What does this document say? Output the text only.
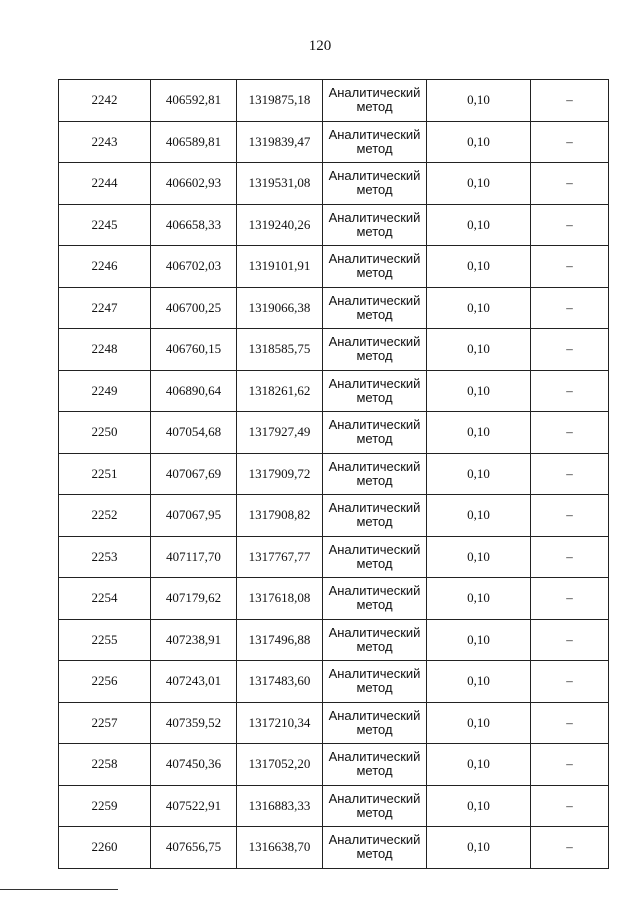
120
2242	406592,81	1319875,18	Аналитический
метод	0,10	–
2243	406589,81	1319839,47	Аналитический
метод	0,10	–
2244	406602,93	1319531,08	Аналитический
метод	0,10	–
2245	406658,33	1319240,26	Аналитический
метод	0,10	–
2246	406702,03	1319101,91	Аналитический
метод	0,10	–
2247	406700,25	1319066,38	Аналитический
метод	0,10	–
2248	406760,15	1318585,75	Аналитический
метод	0,10	–
2249	406890,64	1318261,62	Аналитический
метод	0,10	–
2250	407054,68	1317927,49	Аналитический
метод	0,10	–
2251	407067,69	1317909,72	Аналитический
метод	0,10	–
2252	407067,95	1317908,82	Аналитический
метод	0,10	–
2253	407117,70	1317767,77	Аналитический
метод	0,10	–
2254	407179,62	1317618,08	Аналитический
метод	0,10	–
2255	407238,91	1317496,88	Аналитический
метод	0,10	–
2256	407243,01	1317483,60	Аналитический
метод	0,10	–
2257	407359,52	1317210,34	Аналитический
метод	0,10	–
2258	407450,36	1317052,20	Аналитический
метод	0,10	–
2259	407522,91	1316883,33	Аналитический
метод	0,10	–
2260	407656,75	1316638,70	Аналитический
метод	0,10	–
